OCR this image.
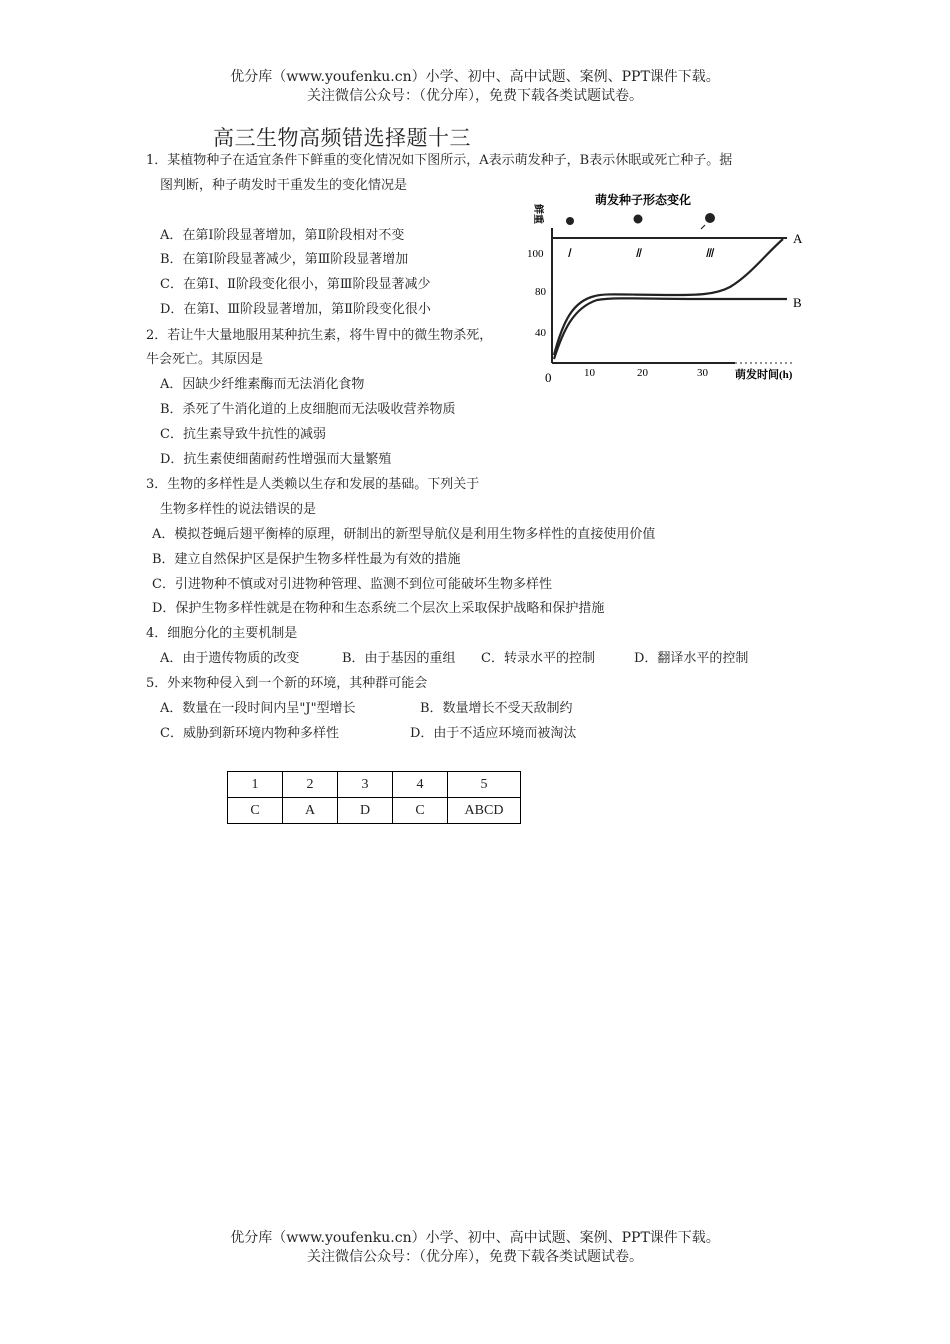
优分库（www.youfenku.cn）小学、初中、高中试题、案例、PPT课件下载。
关注微信公众号：（优分库），免费下载各类试题试卷。
高三生物高频错选择题十三
1．某植物种子在适宜条件下鲜重的变化情况如下图所示，A表示萌发种子，B表示休眠或死亡种子。据
图判断，种子萌发时干重发生的变化情况是
A．在第Ⅰ阶段显著增加，第Ⅱ阶段相对不变
B．在第Ⅰ阶段显著减少，第Ⅲ阶段显著增加
C．在第Ⅰ、Ⅱ阶段变化很小，第Ⅲ阶段显著减少
D．在第Ⅰ、Ⅲ阶段显著增加，第Ⅱ阶段变化很小
萌发种子形态变化
鲜重
100
80
40
0	10	20	30 萌发时间(h)
Ⅰ	Ⅱ	Ⅲ
A
B
2．若让牛大量地服用某种抗生素，将牛胃中的微生物杀死，
牛会死亡。其原因是
A．因缺少纤维素酶而无法消化食物
B．杀死了牛消化道的上皮细胞而无法吸收营养物质
C．抗生素导致牛抗性的减弱
D．抗生素使细菌耐药性增强而大量繁殖
3．生物的多样性是人类赖以生存和发展的基础。下列关于
生物多样性的说法错误的是
A．模拟苍蝇后翅平衡棒的原理，研制出的新型导航仪是利用生物多样性的直接使用价值
B．建立自然保护区是保护生物多样性最为有效的措施
C．引进物种不慎或对引进物种管理、监测不到位可能破坏生物多样性
D．保护生物多样性就是在物种和生态系统二个层次上采取保护战略和保护措施
4．细胞分化的主要机制是
A．由于遗传物质的改变	B．由于基因的重组 C．转录水平的控制	D．翻译水平的控制
5．外来物种侵入到一个新的环境，其种群可能会
A．数量在一段时间内呈"J"型增长	B．数量增长不受天敌制约
C．威胁到新环境内物种多样性	D．由于不适应环境而被淘汰
1	2	3	4	5
C	A	D	C	ABCD
优分库（www.youfenku.cn）小学、初中、高中试题、案例、PPT课件下载。
关注微信公众号：（优分库），免费下载各类试题试卷。
